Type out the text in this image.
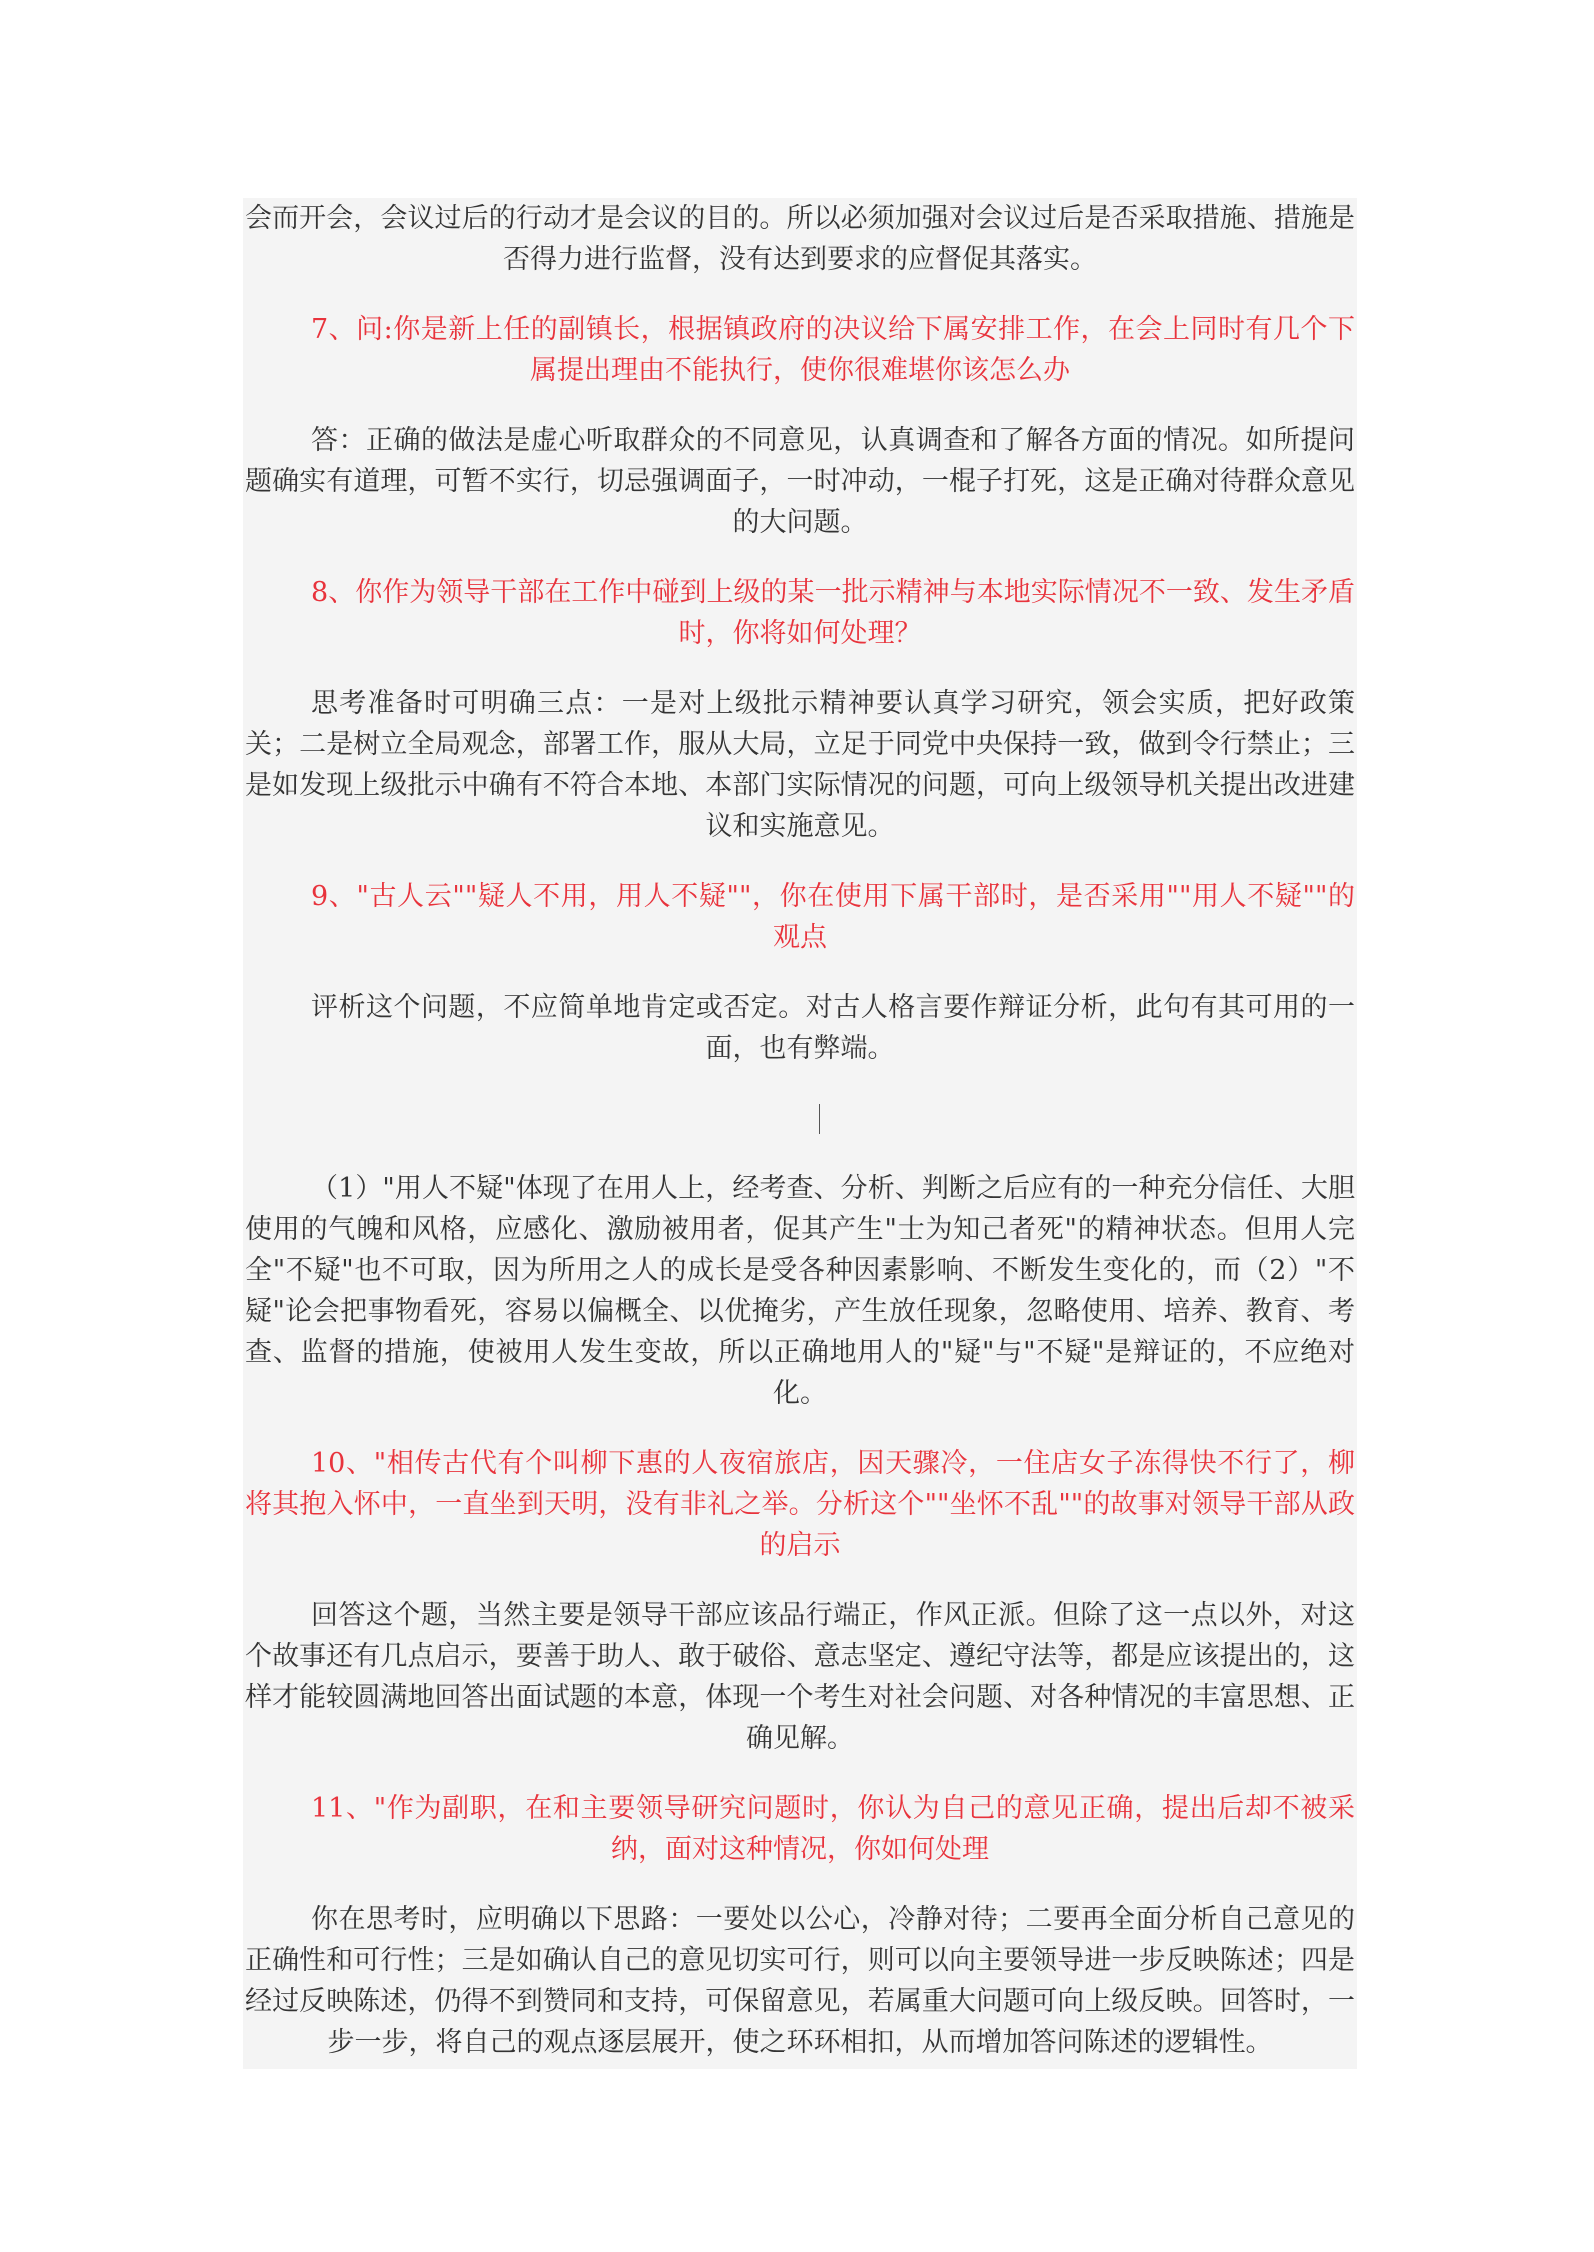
会而开会，会议过后的行动才是会议的目的。所以必须加强对会议过后是否采取措施、措施是否得力进行监督，没有达到要求的应督促其落实。

7、问:你是新上任的副镇长，根据镇政府的决议给下属安排工作，在会上同时有几个下属提出理由不能执行，使你很难堪你该怎么办

答：正确的做法是虚心听取群众的不同意见，认真调查和了解各方面的情况。如所提问题确实有道理，可暂不实行，切忌强调面子，一时冲动，一棍子打死，这是正确对待群众意见的大问题。

8、你作为领导干部在工作中碰到上级的某一批示精神与本地实际情况不一致、发生矛盾时，你将如何处理？

思考准备时可明确三点：一是对上级批示精神要认真学习研究，领会实质，把好政策关；二是树立全局观念，部署工作，服从大局，立足于同党中央保持一致，做到令行禁止；三是如发现上级批示中确有不符合本地、本部门实际情况的问题，可向上级领导机关提出改进建议和实施意见。

9、"古人云""疑人不用，用人不疑""，你在使用下属干部时，是否采用""用人不疑""的观点

评析这个问题，不应简单地肯定或否定。对古人格言要作辩证分析，此句有其可用的一面，也有弊端。

（1）"用人不疑"体现了在用人上，经考查、分析、判断之后应有的一种充分信任、大胆使用的气魄和风格，应感化、激励被用者，促其产生"士为知己者死"的精神状态。但用人完全"不疑"也不可取，因为所用之人的成长是受各种因素影响、不断发生变化的，而（2）"不疑"论会把事物看死，容易以偏概全、以优掩劣，产生放任现象，忽略使用、培养、教育、考查、监督的措施，使被用人发生变故，所以正确地用人的"疑"与"不疑"是辩证的，不应绝对化。

10、"相传古代有个叫柳下惠的人夜宿旅店，因天骤冷，一住店女子冻得快不行了，柳将其抱入怀中，一直坐到天明，没有非礼之举。分析这个""坐怀不乱""的故事对领导干部从政的启示

回答这个题，当然主要是领导干部应该品行端正，作风正派。但除了这一点以外，对这个故事还有几点启示，要善于助人、敢于破俗、意志坚定、遵纪守法等，都是应该提出的，这样才能较圆满地回答出面试题的本意，体现一个考生对社会问题、对各种情况的丰富思想、正确见解。

11、"作为副职，在和主要领导研究问题时，你认为自己的意见正确，提出后却不被采纳，面对这种情况，你如何处理

你在思考时，应明确以下思路：一要处以公心，冷静对待；二要再全面分析自己意见的正确性和可行性；三是如确认自己的意见切实可行，则可以向主要领导进一步反映陈述；四是经过反映陈述，仍得不到赞同和支持，可保留意见，若属重大问题可向上级反映。回答时，一步一步，将自己的观点逐层展开，使之环环相扣，从而增加答问陈述的逻辑性。
